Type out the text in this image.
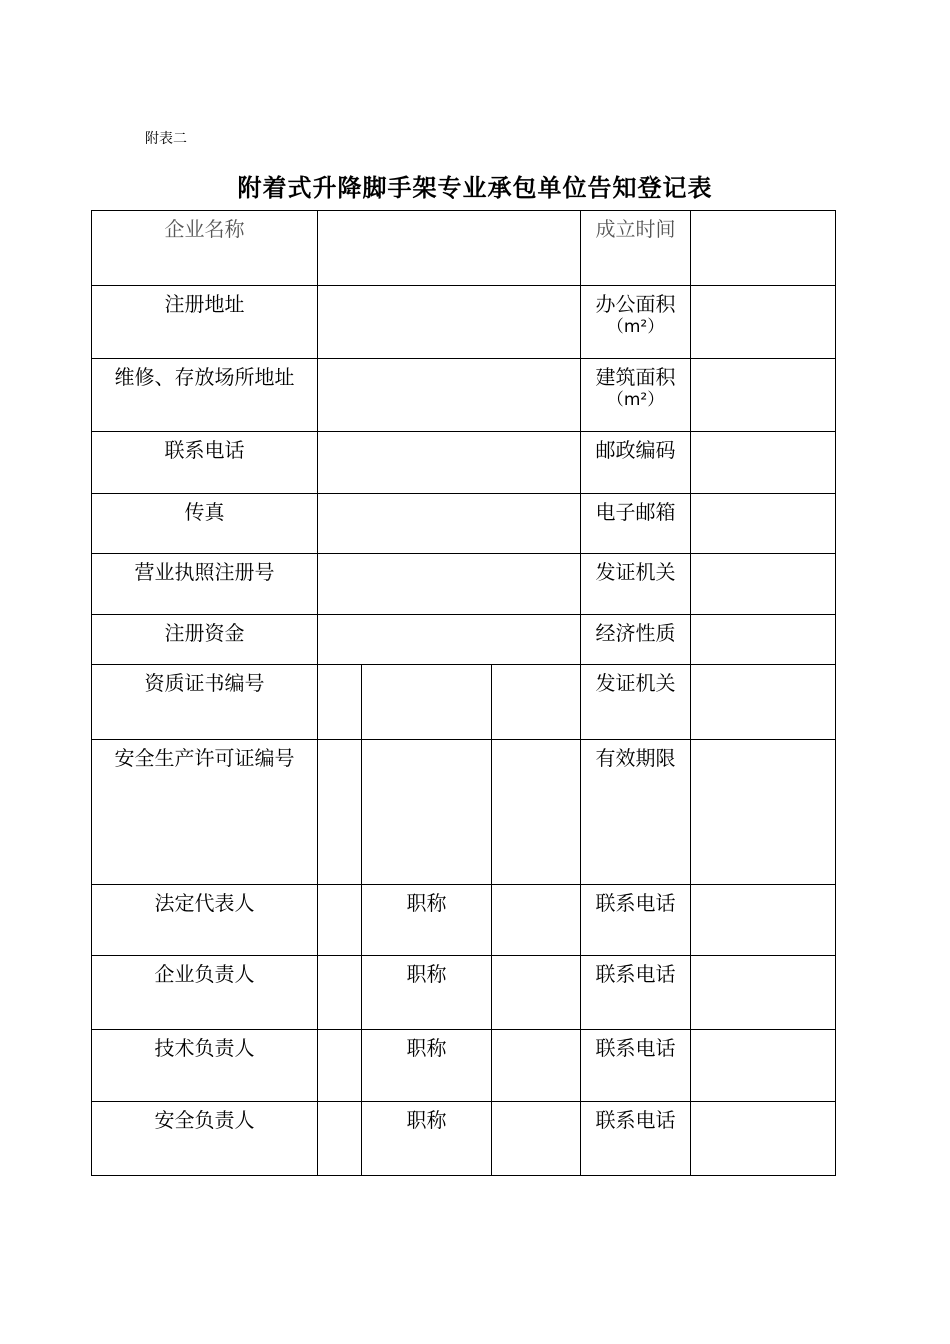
附表二
附着式升降脚手架专业承包单位告知登记表
企业名称				成立时间	
注册地址				办公面积
（m²）	

维修、存放场所地址				建筑面积
（m²）	

联系电话				邮政编码	
传真				电子邮箱	
营业执照注册号				发证机关	
注册资金				经济性质	
资质证书编号				发证机关	
安全生产许可证编号				有效期限	
法定代表人		职称		联系电话	
企业负责人		职称		联系电话	
技术负责人		职称		联系电话	
安全负责人		职称		联系电话	
